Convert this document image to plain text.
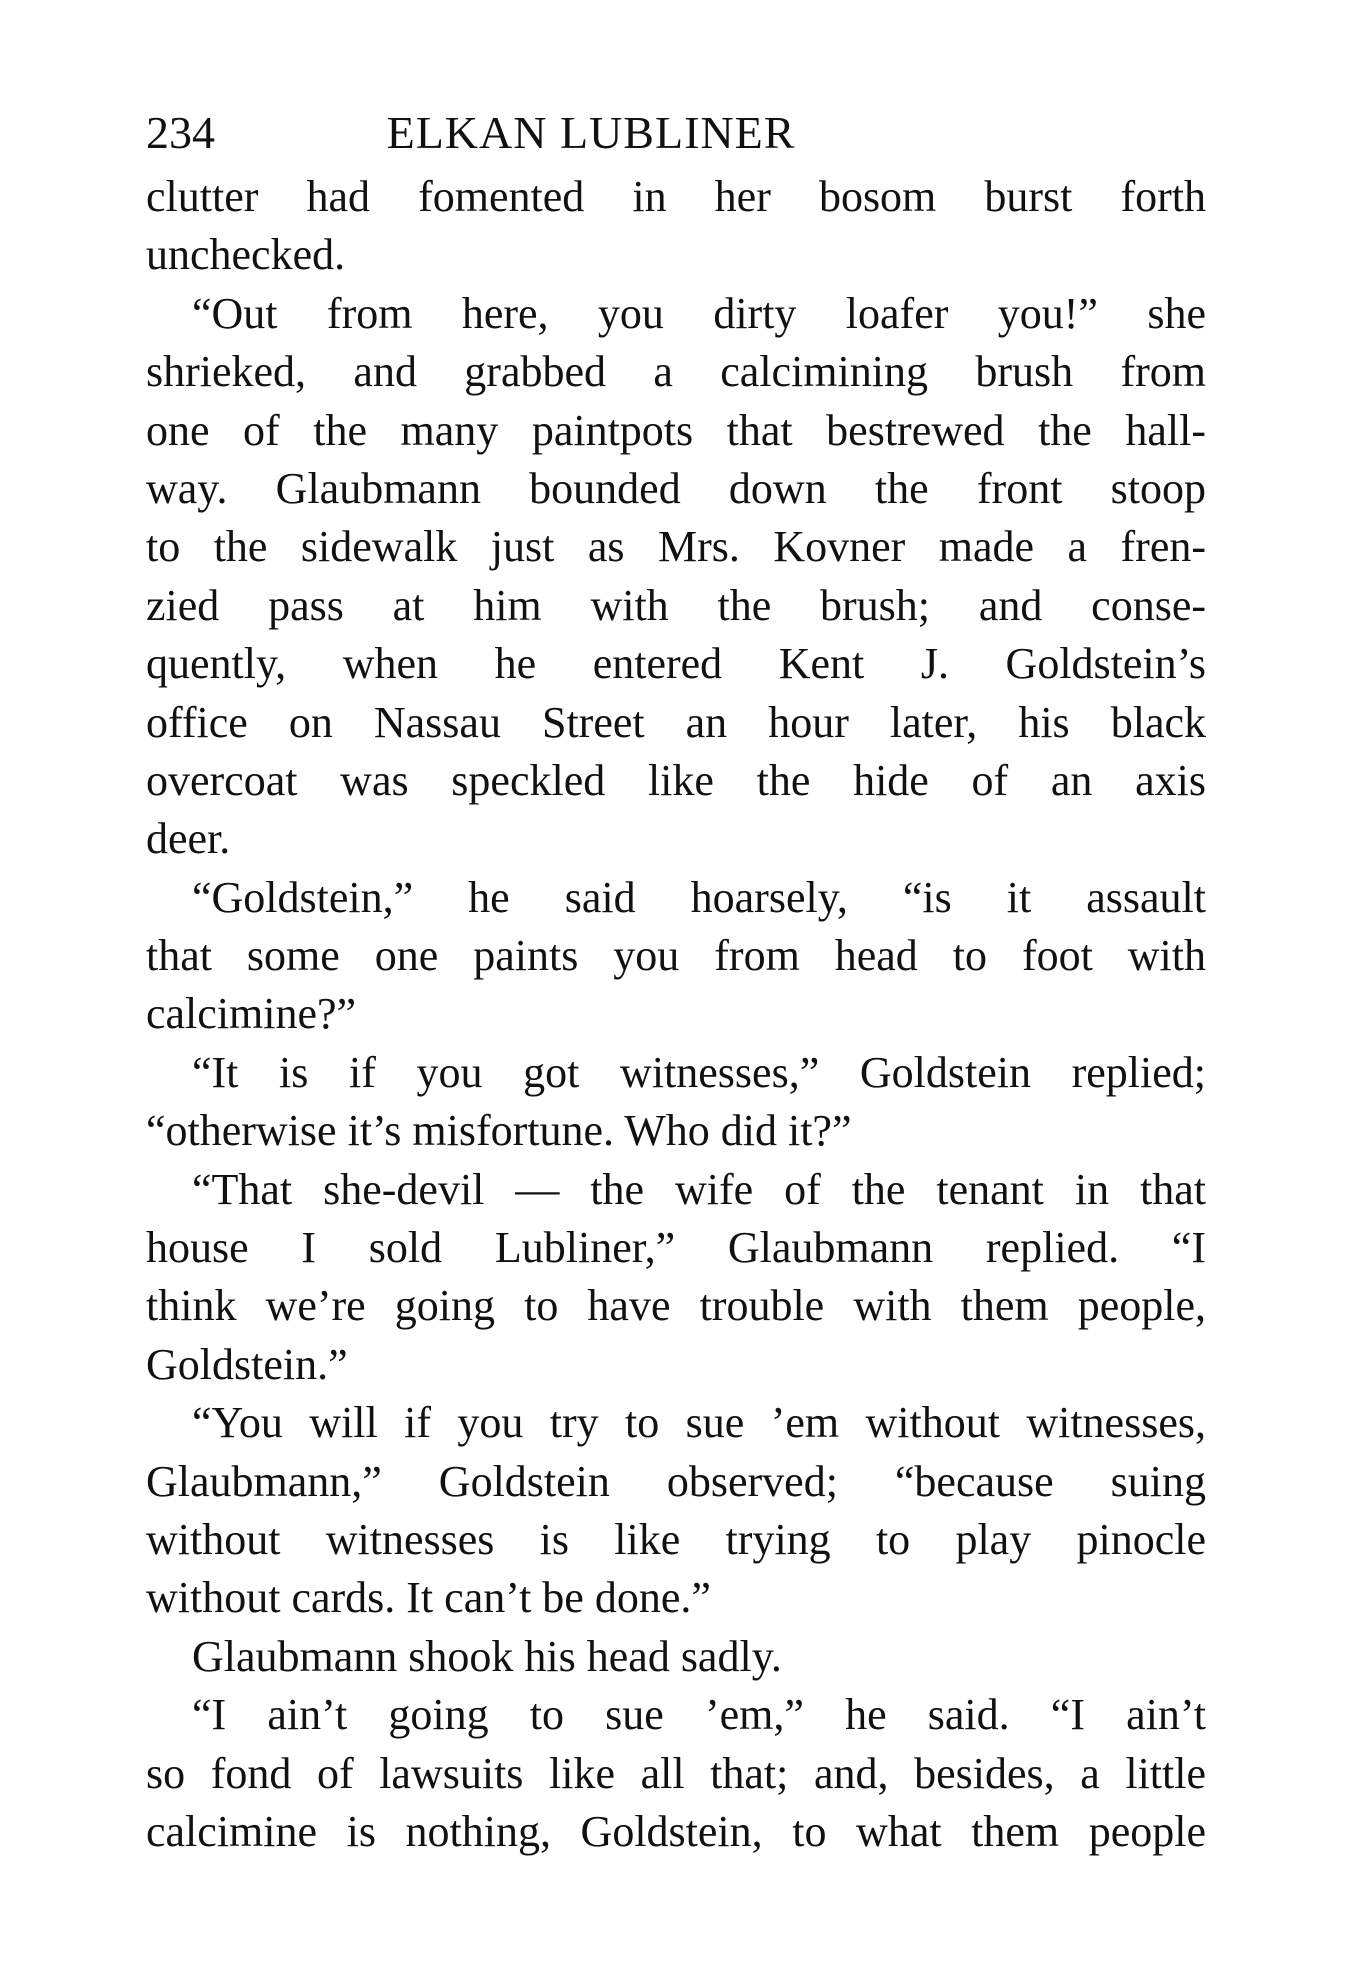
234	ELKAN LUBLINER
clutter had fomented in her bosom burst forth
unchecked.
“Out from here, you dirty loafer you!” she
shrieked, and grabbed a calcimining brush from
one of the many paintpots that bestrewed the hall-
way. Glaubmann bounded down the front stoop
to the sidewalk just as Mrs. Kovner made a fren-
zied pass at him with the brush; and conse-
quently, when he entered Kent J. Goldstein’s
office on Nassau Street an hour later, his black
overcoat was speckled like the hide of an axis
deer.
“Goldstein,” he said hoarsely, “is it assault
that some one paints you from head to foot with
calcimine?”
“It is if you got witnesses,” Goldstein replied;
“otherwise it’s misfortune. Who did it?”
“That she-devil — the wife of the tenant in that
house I sold Lubliner,” Glaubmann replied. “I
think we’re going to have trouble with them people,
Goldstein.”
“You will if you try to sue ’em without witnesses,
Glaubmann,” Goldstein observed; “because suing
without witnesses is like trying to play pinocle
without cards. It can’t be done.”
Glaubmann shook his head sadly.
“I ain’t going to sue ’em,” he said. “I ain’t
so fond of lawsuits like all that; and, besides, a little
calcimine is nothing, Goldstein, to what them people
